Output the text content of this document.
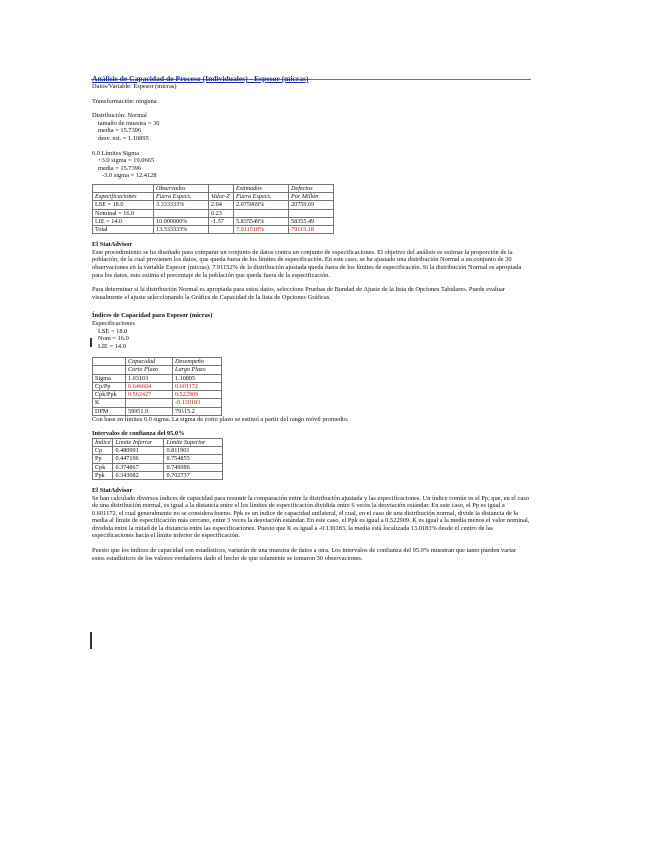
Análisis de Capacidad de Proceso (Individuales) - Espesor (micras)
Datos/Variable: Espesor (micras)
Transformación: ninguna
Distribución: Normal
tamaño de muestra = 30
media = 15.7396
desv. est. = 1.10895
6.0 Límites Sigma
+3.0 sigma = 19.0665
media = 15.7396
-3.0 sigma = 12.4128
	Observados		Estimados	Defectos
Especificaciones	Fuera Especs.	Valor-Z	Fuera Especs.	Por Millón
LSE = 18.0	3.333333%	2.04	2.075969%	20759.69
Nominal = 16.0		0.23		
LIE = 14.0	10.000000%	-1.57	5.835549%	58355.49
Total	13.333333%		7.911518%	79115.18
El StatAdvisor
Este procedimiento se ha diseñado para comparar un conjunto de datos contra un conjunto de especificaciones. El objetivo del análisis es estimar la proporción de la población, de la cual provienen los datos, que queda fuera de los límites de especificación. En este caso, se ha ajustado una distribución Normal a un conjunto de 30 observaciones en la variable Espesor (micras). 7.91152% de la distribución ajustada queda fuera de los límites de especificación. Si la distribución Normal es apropiada para los datos, esto estima el porcentaje de la población que queda fuera de la especificación.
Para determinar si la distribución Normal es apropiada para estos datos, seleccione Pruebas de Bondad de Ajuste de la lista de Opciones Tabulares. Puede evaluar visualmente el ajuste seleccionando la Gráfica de Capacidad de la lista de Opciones Gráficas.
Índices de Capacidad para Espesor (micras)
Especificaciones
LSE = 18.0
Nom = 16.0
LIE = 14.0
	Capacidad	Desempeño
	Corto Plazo	Largo Plazo
Sigma	1.03103	1.10895
Cp/Pp	0.646604	0.601172
Cpk/Ppk	0.562427	0.522909
K		-0.130183
DPM	59951.9	79115.2
Con base en límites 6.0 sigma. La sigma de corto plazo se estimó a partir del rango móvil promedio.
Intervalos de confianza del 95.0%
Índice	Límite Inferior	Límite Superior
Cp	0.480991	0.811901
Pp	0.447196	0.754855
Cpk	0.374867	0.749986
Ppk	0.343082	0.702737
El StatAdvisor
Se han calculado diversos índices de capacidad para resumir la comparación entre la distribución ajustada y las especificaciones. Un índice común es el Pp, que, en el caso de una distribución normal, es igual a la distancia entre el los límites de especificación dividida entre 6 veces la desviación estándar. En este caso, el Pp es igual a 0.601172, el cual generalmente no se considera bueno. Ppk es un índice de capacidad unilateral, el cual, en el caso de una distribución normal, divide la distancia de la media al límite de especificación más cercano, entre 3 veces la desviación estándar. En este caso, el Ppk es igual a 0.522909. K es igual a la media menos el valor nominal, dividida entre la mitad de la distancia entre las especificaciones. Puesto que K es igual a -0.130183, la media está localizada 13.0183% desde el centro de las especificaciones hacia el límite inferior de especificación.
Puesto que los índices de capacidad son estadísticos, variarán de una muestra de datos a otra. Los intervalos de confianza del 95.0% muestran que tanto pueden variar estos estadísticos de los valores verdaderos dado el hecho de que solamente se tomaron 30 observaciones.
